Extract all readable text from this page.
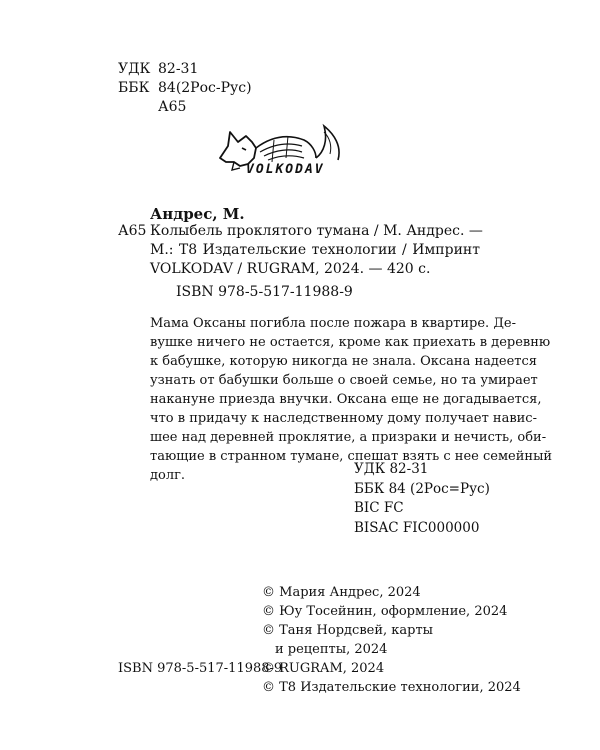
УДК 82-31
ББК 84(2Рос-Рус)
А65
VOLKODAV
Андрес, М.
А65 Колыбель проклятого тумана / М. Андрес. —
М.: Т8 Издательские технологии / Импринт
VOLKODAV / RUGRAM, 2024. — 420 с.
ISBN 978-5-517-11988-9
Мама Оксаны погибла после пожара в квартире. Де-
вушке ничего не остается, кроме как приехать в деревню
к бабушке, которую никогда не знала. Оксана надеется
узнать от бабушки больше о своей семье, но та умирает
накануне приезда внучки. Оксана еще не догадывается,
что в придачу к наследственному дому получает навис-
шее над деревней проклятие, а призраки и нечисть, оби-
тающие в странном тумане, спешат взять с нее семейный
долг.	УДК 82-31
ББК 84 (2Рос=Рус)
BIC FC
BISAC FIC000000
© Мария Андрес, 2024
© Юу Тосейнин, оформление, 2024
© Таня Нордсвей, карты
и рецепты, 2024
© RUGRAM, 2024
© Т8 Издательские технологии, 2024
ISBN 978-5-517-11988-9
